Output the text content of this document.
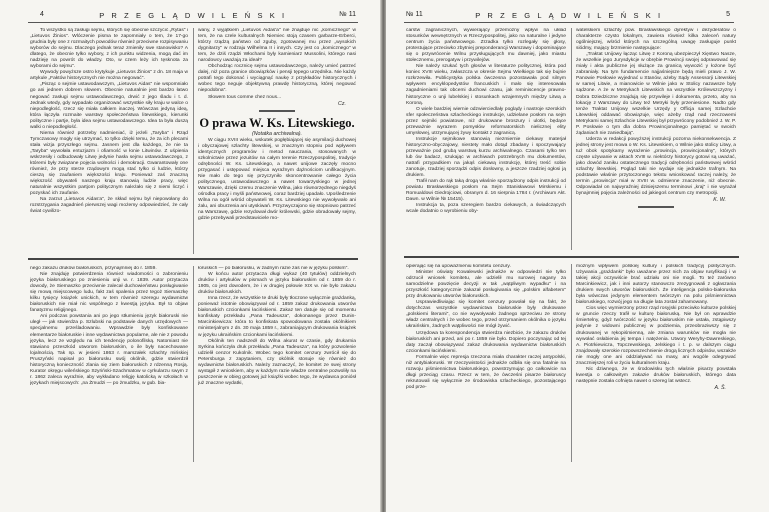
4	P R Z E G L Ą D W I L E Ń S K I	№ 11

To wszystko są zasługi sejmu, których się obecnie szczycić „Rytas" i „Lietuvos Žinios". Wlóczenie pisma te zapomniały o tem, że 17-go grudnia były one z rozmaitych powodów również przeciwne rozpisywaniu wyborów do sejmu. Dlaczego jednak teraz zmieniły swe stanowisko? A dlatego, że obecnie tylko wybory, z ich punktu widzenia, mogą dać im nadzieję na powrót do władzy. Oto, w czem leży ich tęsknota za wyborami do sejmu".

Wywody powyższe ostro krytykuje „Lietuvos Žinios" z dn. 18 maja w artykule „Faktów historycznych nie można negować".

„Pisząc o sejmie ustawodawczym, „Lietuvos Aidas" nie wspomniało go ani jednem dobrem słowem. Obecnie naturalnie jest bardzo łatwo negować zasługi sejmu ustawodawczego, drwić z jego śladu i t. d. Jednak wtedy, gdy wypadało organizować wszystkie siły kraju w walce o niepodległość, rzecz się miała całkiem inaczej. Wówczas jedyną ideą, która łączyła rozmaite warstwy społeczeństwa litewskiego, kierunki polityczne i partje, była idea sejmu ustawodawczego. Idea ta była duszą walki o niepodległość.

Niema również potrzeby nadmieniać, iż jeżeli „Taryba" i Rząd Tymczasowy mogły się utrzymać, to tylko dzięki temu, że za ich plecami stała wizja przyszłego sejmu. Jasnem jest dla każdego, że nie ta „Taryba" wywołała entuzjazm i ofiarność w łonie Litwinów. Z uśpienia wskrzesiły i odbudowały Litwę jedynie hasła sejmu ustawodawczego, z któremi były związane pojęcia wolności i demokracji. Gwarantowały one również, że przy sterze rządowym mogą stać tylko ci ludzie, którzy cieszą się zaufaniem większości kraju. Ponieważ zaś znaczną większość obywateli naszego kraju stanowią ludzie pracy, więc naturalnie wszystkim partjom politycznym należało się z niemi liczyć i pozyskać ich zaufanie.

Na zarzut „Lietuvos Aidas'a", że skład sejmu był niepowołany do rozstrzygania zagadnień pierwszej wagi możemy odpowiedzieć, że cały świat cywilizo-

wany, z wyjątkiem „Lietuvos Aidas'a" nie znajduje nic „komicznego" w tem, że na czele kulturalnych Niemiec stoją czasem garbarze-Erberci, którzy rządzą państwo od zguby, zgotowanej mu przez „wysokich dygnitarzy" w rodzaju Wilhelma II i innych. Czy jest co „komicznego" w tem, że dziś rządzi Włochami były kamieniarz Mussolini, którego nasi narodowcy uważają za ideał?

Obchodząc rocznicę sejmu ustawodawczego, należy umieć patrzeć dalej, niż poza granice obowiązków i pensji tępego urzędnika. Nie każdy potrafi tego dokonać i wyciągnąć naukę z przykładów historycznych i wobec tego neguje objektywną prawdę historyczną, której negować niepodobna".

Słowem tous comme chez nous...

Cz.
O prawa W. Ks. Litewskiego.
(Notatka archiwalna).

W ciągu XVIII wieku, wskutek pogłębiającej się asymilacji duchowej i obyczajowej szlachty litewskiej, w znacznym stopniu pod wpływem identycznych programów i metod nauczania, stosowanych w szkolnictwie przez jezuitów na całym terenie Rzeczypospolitej, tradycje odrębności W. Ks. Litewskiego, a nawet unijowe zaczęły mocno przygasać i ustępować miejsca wyraźnym dążnościom unifikacyjnym. Nie mało do tego się przyczyniło skoncentrowanie całego życia politycznego, ustawodawczego a nawet towarzyskiego w jednej Warszawie, dzięki czemu znaczenie Wilna, jako równorzędnego niegdyś ośrodka pracy i myśli państwowej, coraz bardziej upadało. Upośledzenie Wilna na ogół wśród obywateli W. Ks. Litewskiego nie wywoływało ani żalu, ani oburzenia ani utyskiwań. Przyzwyczajono się stopniowo patrzeć na Warszawę, gdzie rezydował dwór królewski, gdzie obradowały sejmy, gdzie przebywali przedstawiciele mo-

nego zakazu druków białoruskich, przynajmniej do r. 1859.

Nie znajduję potwierdzenia również wiadomości o zabronieniu języka białoruskiego po zniesieniu unji w. r. 1839. Autor przytacza dowody, że Siemaszko przeciwnie zalecał duchowieństwu posługiwanie się mową miejscowego ludu, fakt zaś spalenia przez tegoż Siemaszkę kilku tysięcy książek unickich, w tem również szeregu wydawnictw białoruskich nie miał nic wspólnego z kwestją języka. Był to objaw fanatyzmu religijnego.

Ani podczas powstania ani po jego stłumieniu język białoruski nie uległ — jak stwierdza p. Szlubski na podstawie danych urzędowych — specjalnemu prześladowaniu. Wprawdzie były konfiskowane elementarze białoruskie i inne wydawnictwa popularne, ale nie z powodu języka, lecz ze względu na ich tendencję polonofilską. Natomiast nie stawiano przeszkód utworom białoruskim, o ile były nacechowane lojalnością. Tak np. w jesieni 1863 r. marszałek szlachty mińskiej Pruszyński napisał po białorusku swój okólnik, gdzie stwierdził historyczną konieczność zlania się ziem białoruskich z rdzenną Rosją. Kurator okręgu wileńskiego Szyriński-Szachmatow w cyrkularzu swym z r. 1862 zaleca wyraźnie, aby wykładano religję katolicką w szkołach w językach miejscowych: „na Żmudzi — po żmudzku, w gub. bia-

łoruskich — po białorusku, w żadnym razie zaś nie w języku polskim".

W końcu autor przytacza długi wykaz (40 tytułów) oddzielnych druków i artykułów w pismach w języku białoruskim od r. 1859 do r. 1905, co jest dowodem, że i w drugiej połowie XIX w. nie było zakazu druków białoruskich.

Inna rzecz, że wszystkie te druki były tłoczone wyłącznie grażdanką, ponieważ istotnie obowiązywał od r. 1859 zakaz drukowania utworów białoruskich czcionkami łacińskiemi. Zakaz ten datuje się od momentu konfiskaty przekładu „Pana Tadeusza", dokonanego przez Dunin-Marcinkiewicza: która to konfiskata spowodowana została okólnikiem ministerjalnym z dn. 30 maja 1859 r., zabraniającym drukowania książek w języku ukraińskim czcionkami łacińskiemi.

Okólnik ten nadszedł do Wilna akurat w czasie, gdy drukarnia Syrkina kończyła druk przekładu „Pana Tadeusza", na który pozwolenie udzielił cenzor Kukolnik. Wobec tego komitet cenzury zwrócił się do Petersburga z zapytaniem, czy okólnik stosuje się również do wydawnictw białoruskich. Należy zaznaczyć, że komitet ze swej strony wystąpił z wnioskiem, aby w każdym razie władze centralne pozwoliły na puszczenie w obieg gotowej już książki wobec tego, że wydawca poniósł już znaczne wydatki,

№ 11	P R Z E G L Ą D W I L E Ń S K I	5

carstw zagranicznych, wywierający przemożny wpływ na układ stosunków wewnętrznych w Rzeczypospolitej, jako na naturalne i jedyne centrum życia państwowego. Zrzadka tylko rozlegały się głosy, protestujące przeciwko zbytniej preponderancji Warszawy i dopominające się o przywrócenie Wilnu przysługujących mu dawniej, jako miastu stołecznemu, prerogatyw i przywilejów.

Nie należy szukać tych głosów w literaturze politycznej, która pod koniec XVIII wieku, zwłaszcza w okresie Sejmu Wielkiego tak się bujnie rozkrzewiła. Publicystyka polska ówczesna pozostawała pod silnym wpływem encyklopedystów francuskich i mało się interesowała zagadnieniami tak obcemi duchowi czasu, jak reminiscencje prawno-historyczne o unji lubelskiej i stosunkach wzajemnych między Litwą a Koroną.

O wiele bardziej wiernie odzwierciedlały poglądy i nastroje szerokich sfer społeczeństwa szlacheckiego instrukcje, udzielane posłom na sejm przez sejmiki powiatowe, niż drukowane broszury i ulotki, będące przeważnie wyrazem pomysłów reformatorskich nielicznej elity umysłowej, utrzymującej żywy kontakt z zagranicą.

Instrukcje sejmikowe stanowią niezmiernie ciekawy materjał historyczno-obyczajowy, niestety mało dotąd zbadany i spoczywający przeważnie pod grubą warstwą kurzu archiwalnego. Czasami tylko ten lub ów badacz, szukając w archiwach potrzebnych mu dokumentów, natrafi przypadkiem na jakąś ciekawą instrukcję, której treść sobie zanotuje, rzadziej sporządzi odpis dosłowny, a jeszcze rzadziej ogłosi ją drukiem.

Trafił nam do rąk taką drogą właśnie sporządzony odpis instrukcji od powiatu Brasławskiego posłom na Sejm Stanisławowi Mirskiemu i Romualdowi Giedrojciowi, obranym d. 16 sierpnia 1784 r. (Archiwum Akt. Dawn. w Wilnie № 15415).

Instrukcja ta, poza szeregiem bardzo ciekawych, a świadczących wcale dodatnio o wyrobieniu oby-

watelskiem szlachty pow. Brasławskiego dyrektyw i dezyderatów o charakterze czysto lokalnym, zawiera również kilka zaleceń natury ogólniejszej, wśród których na szczególną uwagę zasługuje punkt siódmy, mający brzmienie następujące:

„Traktat Unijowy łącząc Litwę z Koroną ubezpieczył Xięstwo Nasze, że wszelkie jego Jurysdykcje w obrębie Prowincji swojej odprawować się miały i akta publiczne jej służące za granicą wywozić y łożone być zabraniały. Na tym fundamencie najjaśniejsze będą mieli prawo J. W. Panowie Posłowie wyjednać u Stanów, ażeby Sądy Assessorji Litewskiej w samej Litwie, a mianowicie w Wilnie jako w Stolicy nazawsze były sądzone. A że w Metrykach Litewskich na wszystkie Królewszczyzny i Dobra Dziedziczne znajdują się przywileje i dokumenta, przeto, aby na lokację z Warszawy do Litwy też Metryki były przeniesione. Nadto gdy tenże Traktat Unijowy wszelkie Urzędy y Officja samej Szlachcie Litewskiej oddawać obowiązuje, więc ażeby rząd nad rzeczowemi Metrykami samej Szlachcie Litewskiej był przywrócony podobnież J. W. P. P. Posłowie o tym dla dobra Prowincjonalnego pamiętać w swoich żądaniach nie zaniedbają".

Uderza w redakcji powyższej instrukcji pozorna niekonsekwencja. Z jednej strony jest mowa o W. Ks. Litewskiem, o Wilnie jako stolicy Litwy, a tuż obok spotykamy wyrażenie „prowincja, prowincjonalny", których częste używanie w aktach XVIII w. niektórzy historycy gotowi są uważać, jako dowód zaniku ostatecznego tradycji odrębności państwowej wśród szlachty litewskiej. Pogląd taki nie wydaje się jednakże trafnym. Na podstawie właśnie przytoczonego tekstu wnioskować raczej należy, że termin „prowincja" miał w XVIII w. odmienne znaczenie, niż obecnie. Odpowiadał on najwyraźniej dzisiejszemu terminowi „kraj" i nie wyrażał bynajmniej pojęcia zależności od jakiegoś centrum czy metropolji.

K. W.

opierając się na upoważnieniu komitetu cenzury.

Minister oświaty Kowalewski jednakże w odpowiedzi nie tylko odrzucił wniosek komitetu, ale udzielił mu surowej nagany za samodzielne powzięcie decyzji w tak „wątpliwym wypadku" i na przyszłość kategorycznie zakazał posługiwania się „polskim alfabetem" przy drukowaniu utworów białoruskich.

Usprawiedliwiając się komitet cenzury powołał się na fakt, że dotychczas wszystkie wydawnictwa białoruskie były drukowane „polskiemi literami", co nie wywoływało żadnego sprzeciwu ze strony władz centralnych i że wobec tego, przed otrzymaniem okólnika o języku ukraińskim, żadnych wątpliwości nie mógł żywić.

Urzędowa ta korespondencja stwierdza niezbicie, że zakazu druków białoruskich ani przed, ani po r. 1859 nie było. Dopiero poczynając od tej daty zaczął obowiązywać zakaz drukowania wydawnictw białoruskich czcionkami łacińskiemi.

Formalnie więc represja rzeczona miała charakter raczej antypolski, niż antybiałoruski. W rzeczywistości jednakże odbiła się ona fatalnie na rozwoju piśmiennictwa białoruskiego, powstrzymując go całkowicie na długi przeciąg czasu. Rzecz w tem, że ówcześni pisarze białoruscy rekrutowali się wyłącznie ze środowiska szlacheckiego, pozostającego pod prze-

możnym wpływem polskiej kultury i polskich tradycyj politycznych. Używania „grażdanki" było uważane przez nich za objaw rusyfikacji i w takiej akcji oczywiście brać udziału oni nie mogli. To też zarówno Marcinkiewicz, jak i inni autorzy stanowczo zrezygnowali z ogłaszania drukiem swych utworów białoruskich. Że inteligencja polsko-białoruska była wówczas jedynym elementem twórczym na polu piśmiennictwa białoruskiego, rozwój jego na długie lata został zahamowany.

Cios więc wymierzony przez rząd rosyjski przeciwko kulturze polskiej w gruncie rzeczy trafił w kulturę białoruską. Nie był on wprawdzie śmiertelny, gdyż twórczość w języku białoruskim nie ustała, zstąpiwszy jedynie z widowni publicznej w podziemia, przeobraziwszy się z drukowanej w rękopiśmienną, ale zmiana warunków nie mogła nie wywołać osłabienia jej tempa i natężenia. Utwory Weryhy-Dawreskiego, A. Piotrkiewicza, Topczewskiego, Jelskiego i t. p. w dalszym ciągu znajdowały szerokie rozpowszechnienie drogą licznych odpisów, wszakże nie mogły one ani oddziaływać na masy, ani wogóle odegrywać znaczniejszej roli w życiu kulturalnem kraju.

Nic dziwnego, że w środowisku tych właśnie pisarzy powstała kwestja o całkowitym zakazie druków białoruskich, którego data następnie została cofnięta nawet o szereg lat wstecz.

A. Š.
